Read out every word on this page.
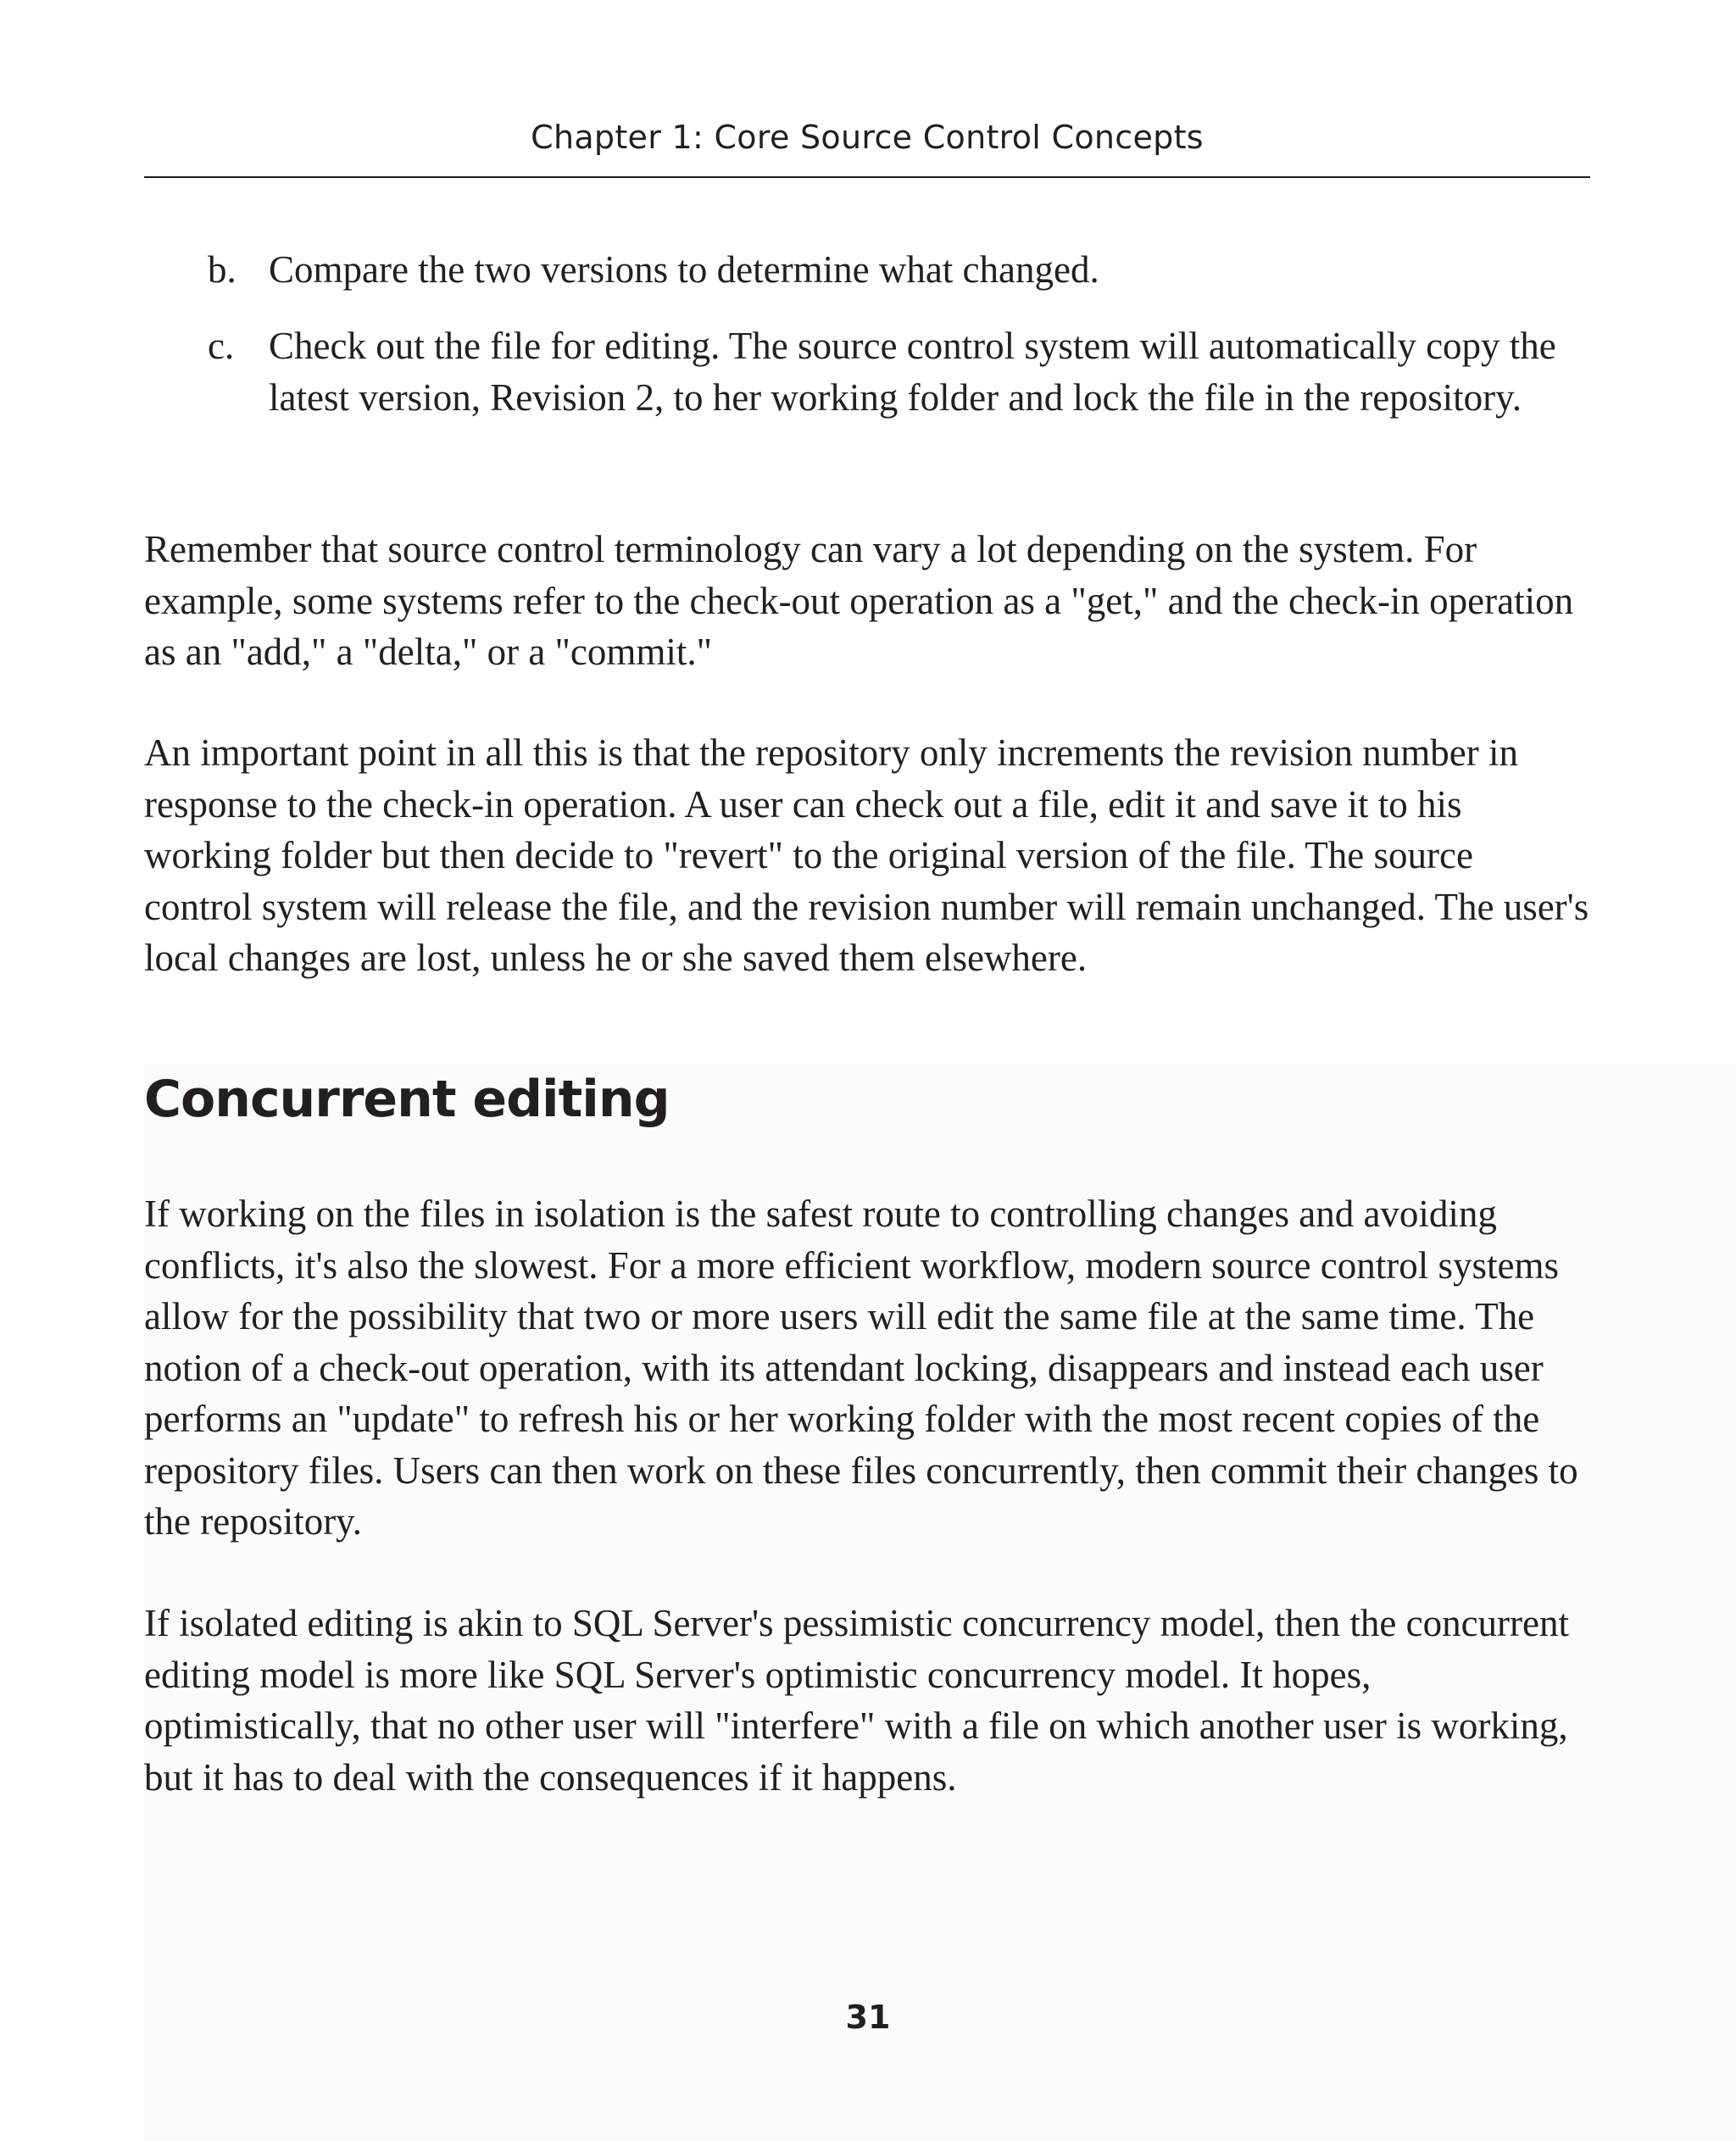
Chapter 1: Core Source Control Concepts
b. Compare the two versions to determine what changed.
c. Check out the file for editing. The source control system will automatically copy the latest version, Revision 2, to her working folder and lock the file in the repository.

Remember that source control terminology can vary a lot depending on the system. For example, some systems refer to the check-out operation as a "get," and the check-in operation as an "add," a "delta," or a "commit."

An important point in all this is that the repository only increments the revision number in response to the check-in operation. A user can check out a file, edit it and save it to his working folder but then decide to "revert" to the original version of the file. The source control system will release the file, and the revision number will remain unchanged. The user's local changes are lost, unless he or she saved them elsewhere.

Concurrent editing

If working on the files in isolation is the safest route to controlling changes and avoiding conflicts, it's also the slowest. For a more efficient workflow, modern source control systems allow for the possibility that two or more users will edit the same file at the same time. The notion of a check-out operation, with its attendant locking, disappears and instead each user performs an "update" to refresh his or her working folder with the most recent copies of the repository files. Users can then work on these files concurrently, then commit their changes to the repository.

If isolated editing is akin to SQL Server's pessimistic concurrency model, then the concurrent editing model is more like SQL Server's optimistic concurrency model. It hopes, optimistically, that no other user will "interfere" with a file on which another user is working, but it has to deal with the consequences if it happens.

31
